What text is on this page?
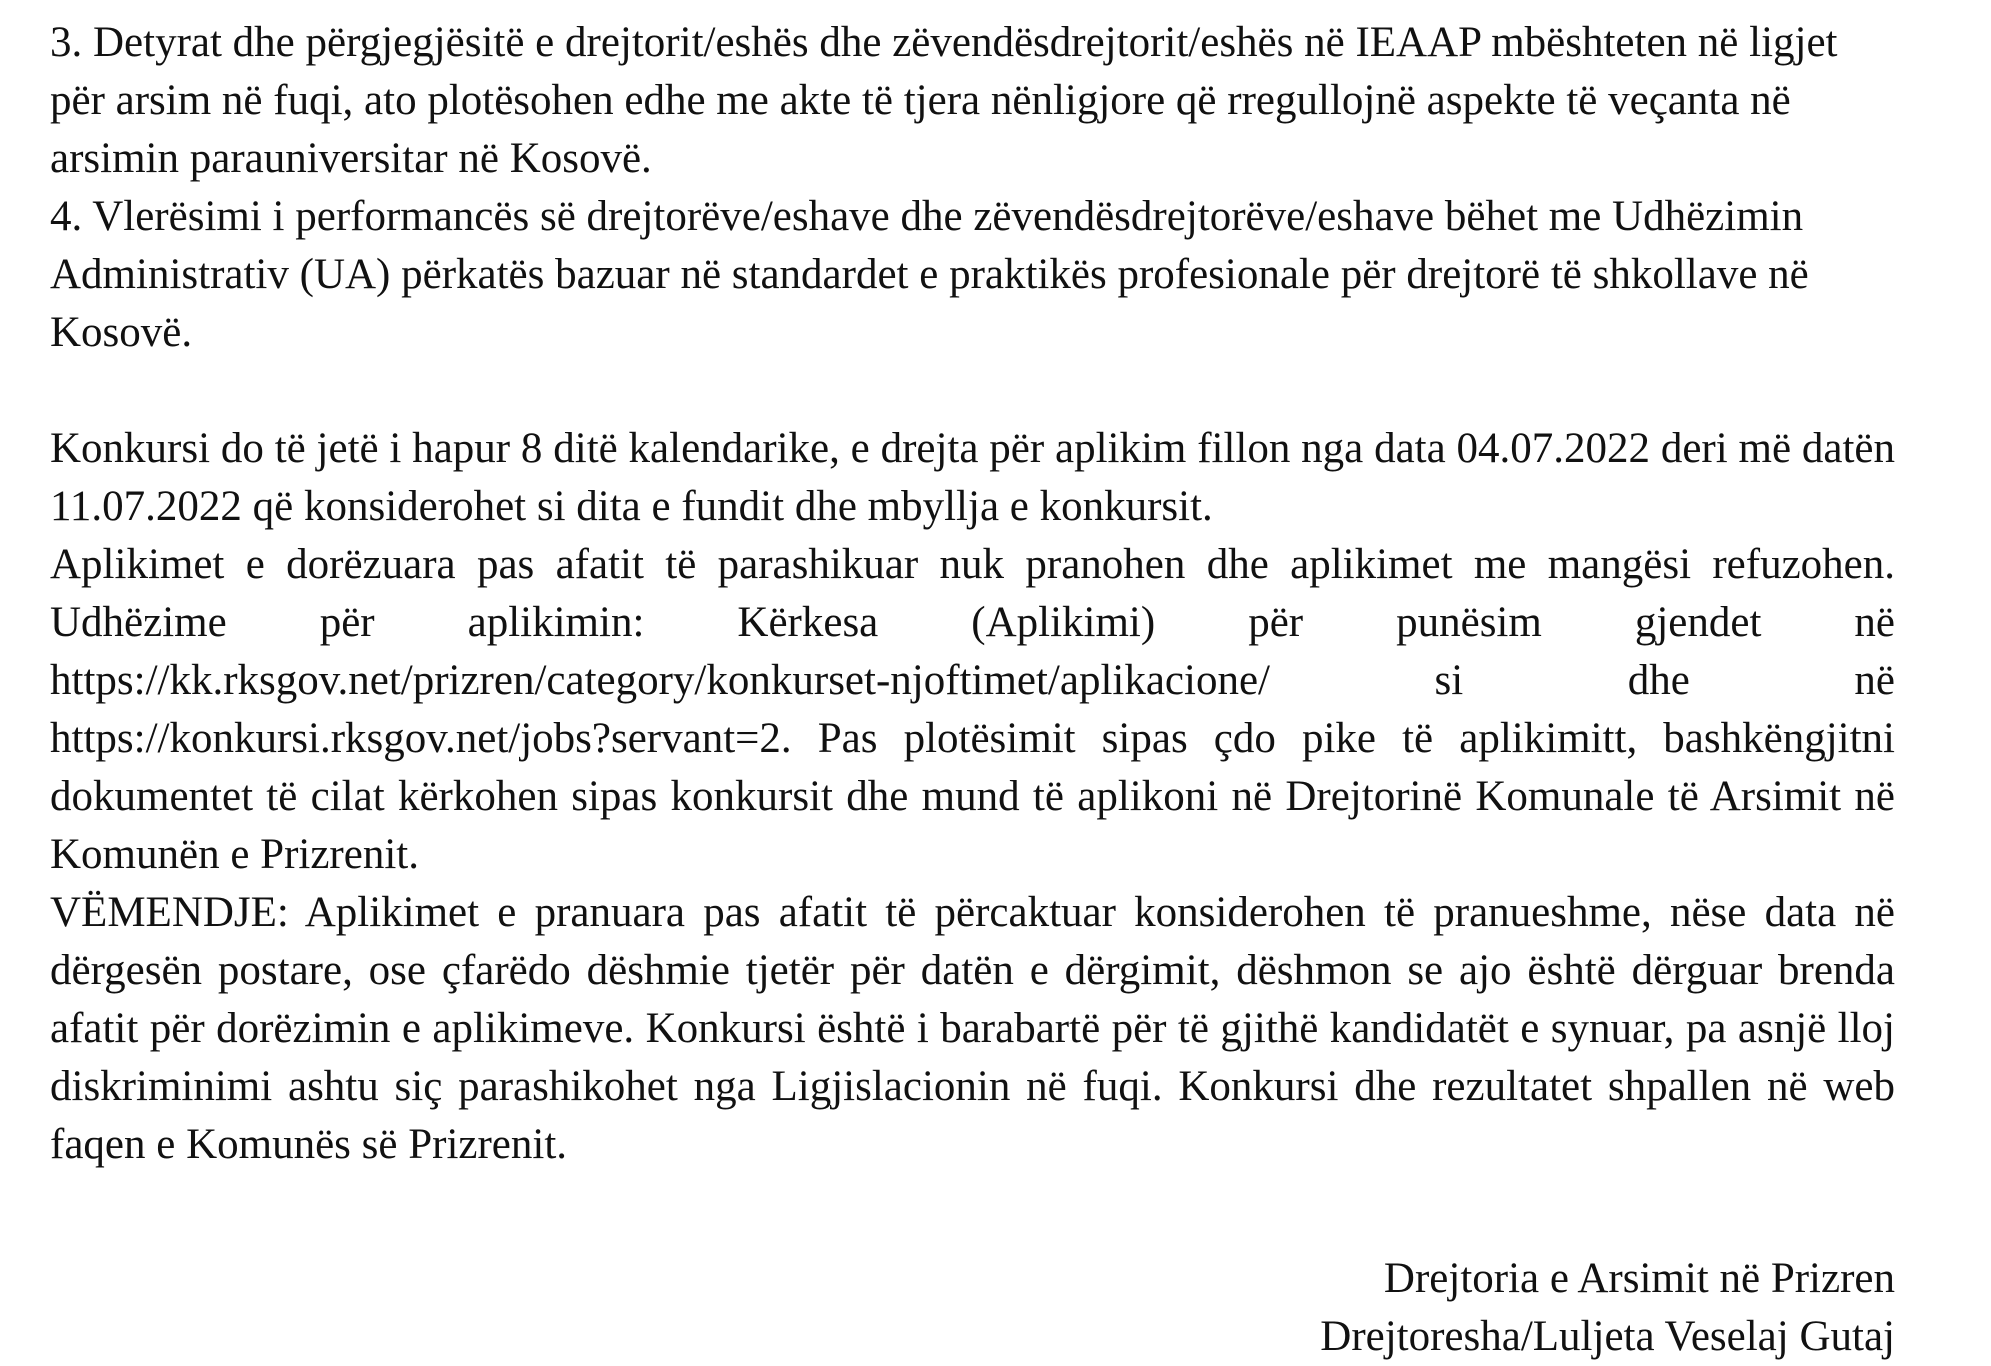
3. Detyrat dhe përgjegjësitë e drejtorit/eshës dhe zëvendësdrejtorit/eshës në IEAAP mbështeten në ligjet për arsim në fuqi, ato plotësohen edhe me akte të tjera nënligjore që rregullojnë aspekte të veçanta në arsimin parauniversitar në Kosovë.

4. Vlerësimi i performancës së drejtorëve/eshave dhe zëvendësdrejtorëve/eshave bëhet me Udhëzimin Administrativ (UA) përkatës bazuar në standardet e praktikës profesionale për drejtorë të shkollave në Kosovë.

Konkursi do të jetë i hapur 8 ditë kalendarike, e drejta për aplikim fillon nga data 04.07.2022 deri më datën 11.07.2022 që konsiderohet si dita e fundit dhe mbyllja e konkursit.

Aplikimet e dorëzuara pas afatit të parashikuar nuk pranohen dhe aplikimet me mangësi refuzohen. Udhëzime për aplikimin: Kërkesa (Aplikimi) për punësim gjendet në https://kk.rksgov.net/prizren/category/konkurset-njoftimet/aplikacione/ si dhe në https://konkursi.rksgov.net/jobs?servant=2. Pas plotësimit sipas çdo pike të aplikimitt, bashkëngjitni dokumentet të cilat kërkohen sipas konkursit dhe mund të aplikoni në Drejtorinë Komunale të Arsimit në Komunën e Prizrenit.

VËMENDJE: Aplikimet e pranuara pas afatit të përcaktuar konsiderohen të pranueshme, nëse data në dërgesën postare, ose çfarëdo dëshmie tjetër për datën e dërgimit, dëshmon se ajo është dërguar brenda afatit për dorëzimin e aplikimeve. Konkursi është i barabartë për të gjithë kandidatët e synuar, pa asnjë lloj diskriminimi ashtu siç parashikohet nga Ligjislacionin në fuqi. Konkursi dhe rezultatet shpallen në web faqen e Komunës së Prizrenit.

Drejtoria e Arsimit në Prizren

Drejtoresha/Luljeta Veselaj Gutaj
